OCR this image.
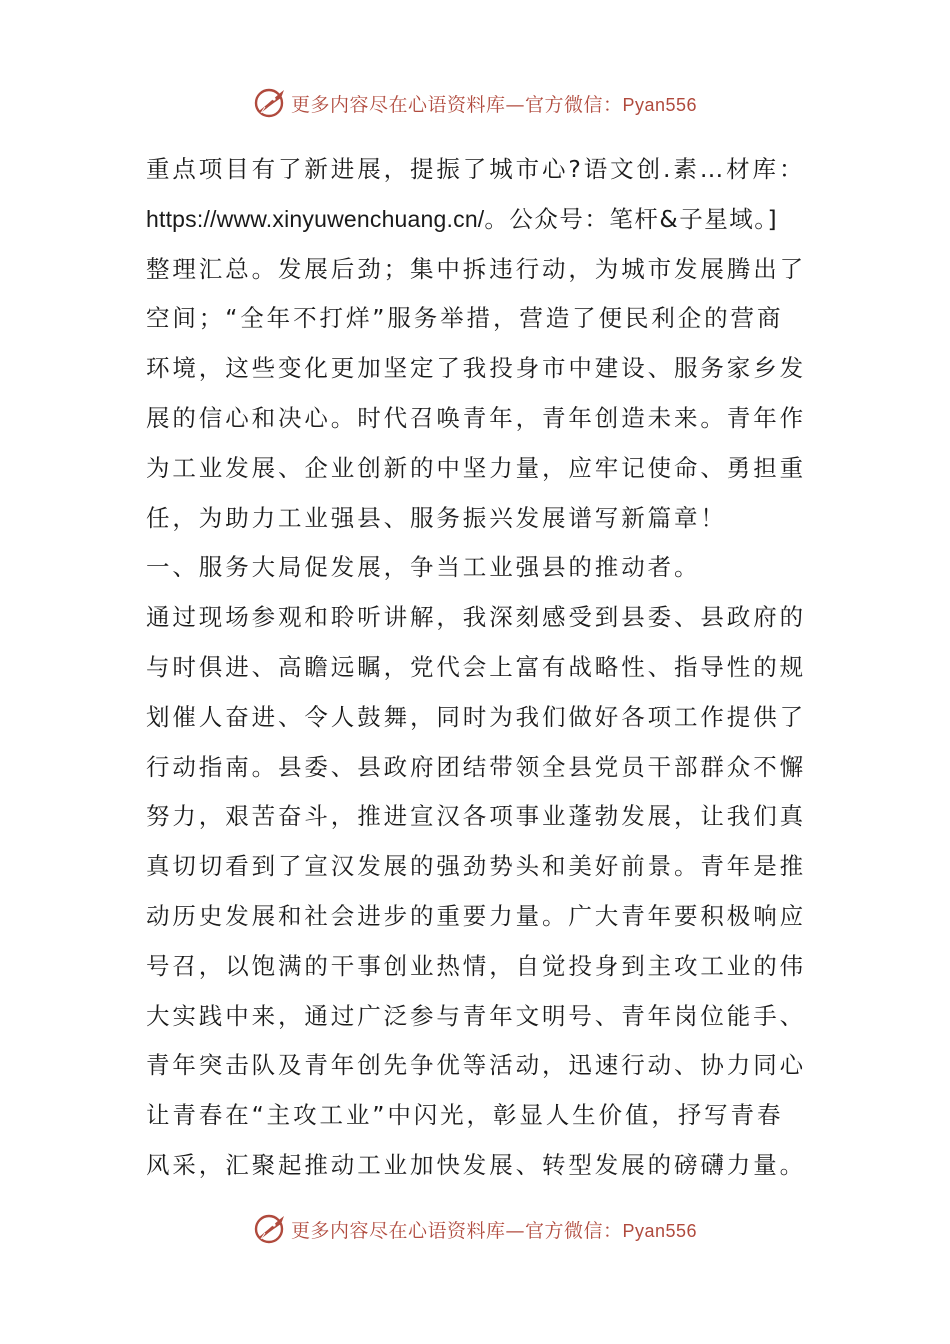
更多内容尽在心语资料库—官方微信：Pyan556
重点项目有了新进展，提振了城市心?语文创.素…材库：
https://www.xinyuwenchuang.cn/。公众号：笔杆&子星域。]
整理汇总。发展后劲；集中拆违行动，为城市发展腾出了
空间；“全年不打烊”服务举措，营造了便民利企的营商
环境，这些变化更加坚定了我投身市中建设、服务家乡发
展的信心和决心。时代召唤青年，青年创造未来。青年作
为工业发展、企业创新的中坚力量，应牢记使命、勇担重
任，为助力工业强县、服务振兴发展谱写新篇章！
一、服务大局促发展，争当工业强县的推动者。
通过现场参观和聆听讲解，我深刻感受到县委、县政府的
与时俱进、高瞻远瞩，党代会上富有战略性、指导性的规
划催人奋进、令人鼓舞，同时为我们做好各项工作提供了
行动指南。县委、县政府团结带领全县党员干部群众不懈
努力，艰苦奋斗，推进宣汉各项事业蓬勃发展，让我们真
真切切看到了宣汉发展的强劲势头和美好前景。青年是推
动历史发展和社会进步的重要力量。广大青年要积极响应
号召，以饱满的干事创业热情，自觉投身到主攻工业的伟
大实践中来，通过广泛参与青年文明号、青年岗位能手、
青年突击队及青年创先争优等活动，迅速行动、协力同心
让青春在“主攻工业”中闪光，彰显人生价值，抒写青春
风采，汇聚起推动工业加快发展、转型发展的磅礴力量。
更多内容尽在心语资料库—官方微信：Pyan556
